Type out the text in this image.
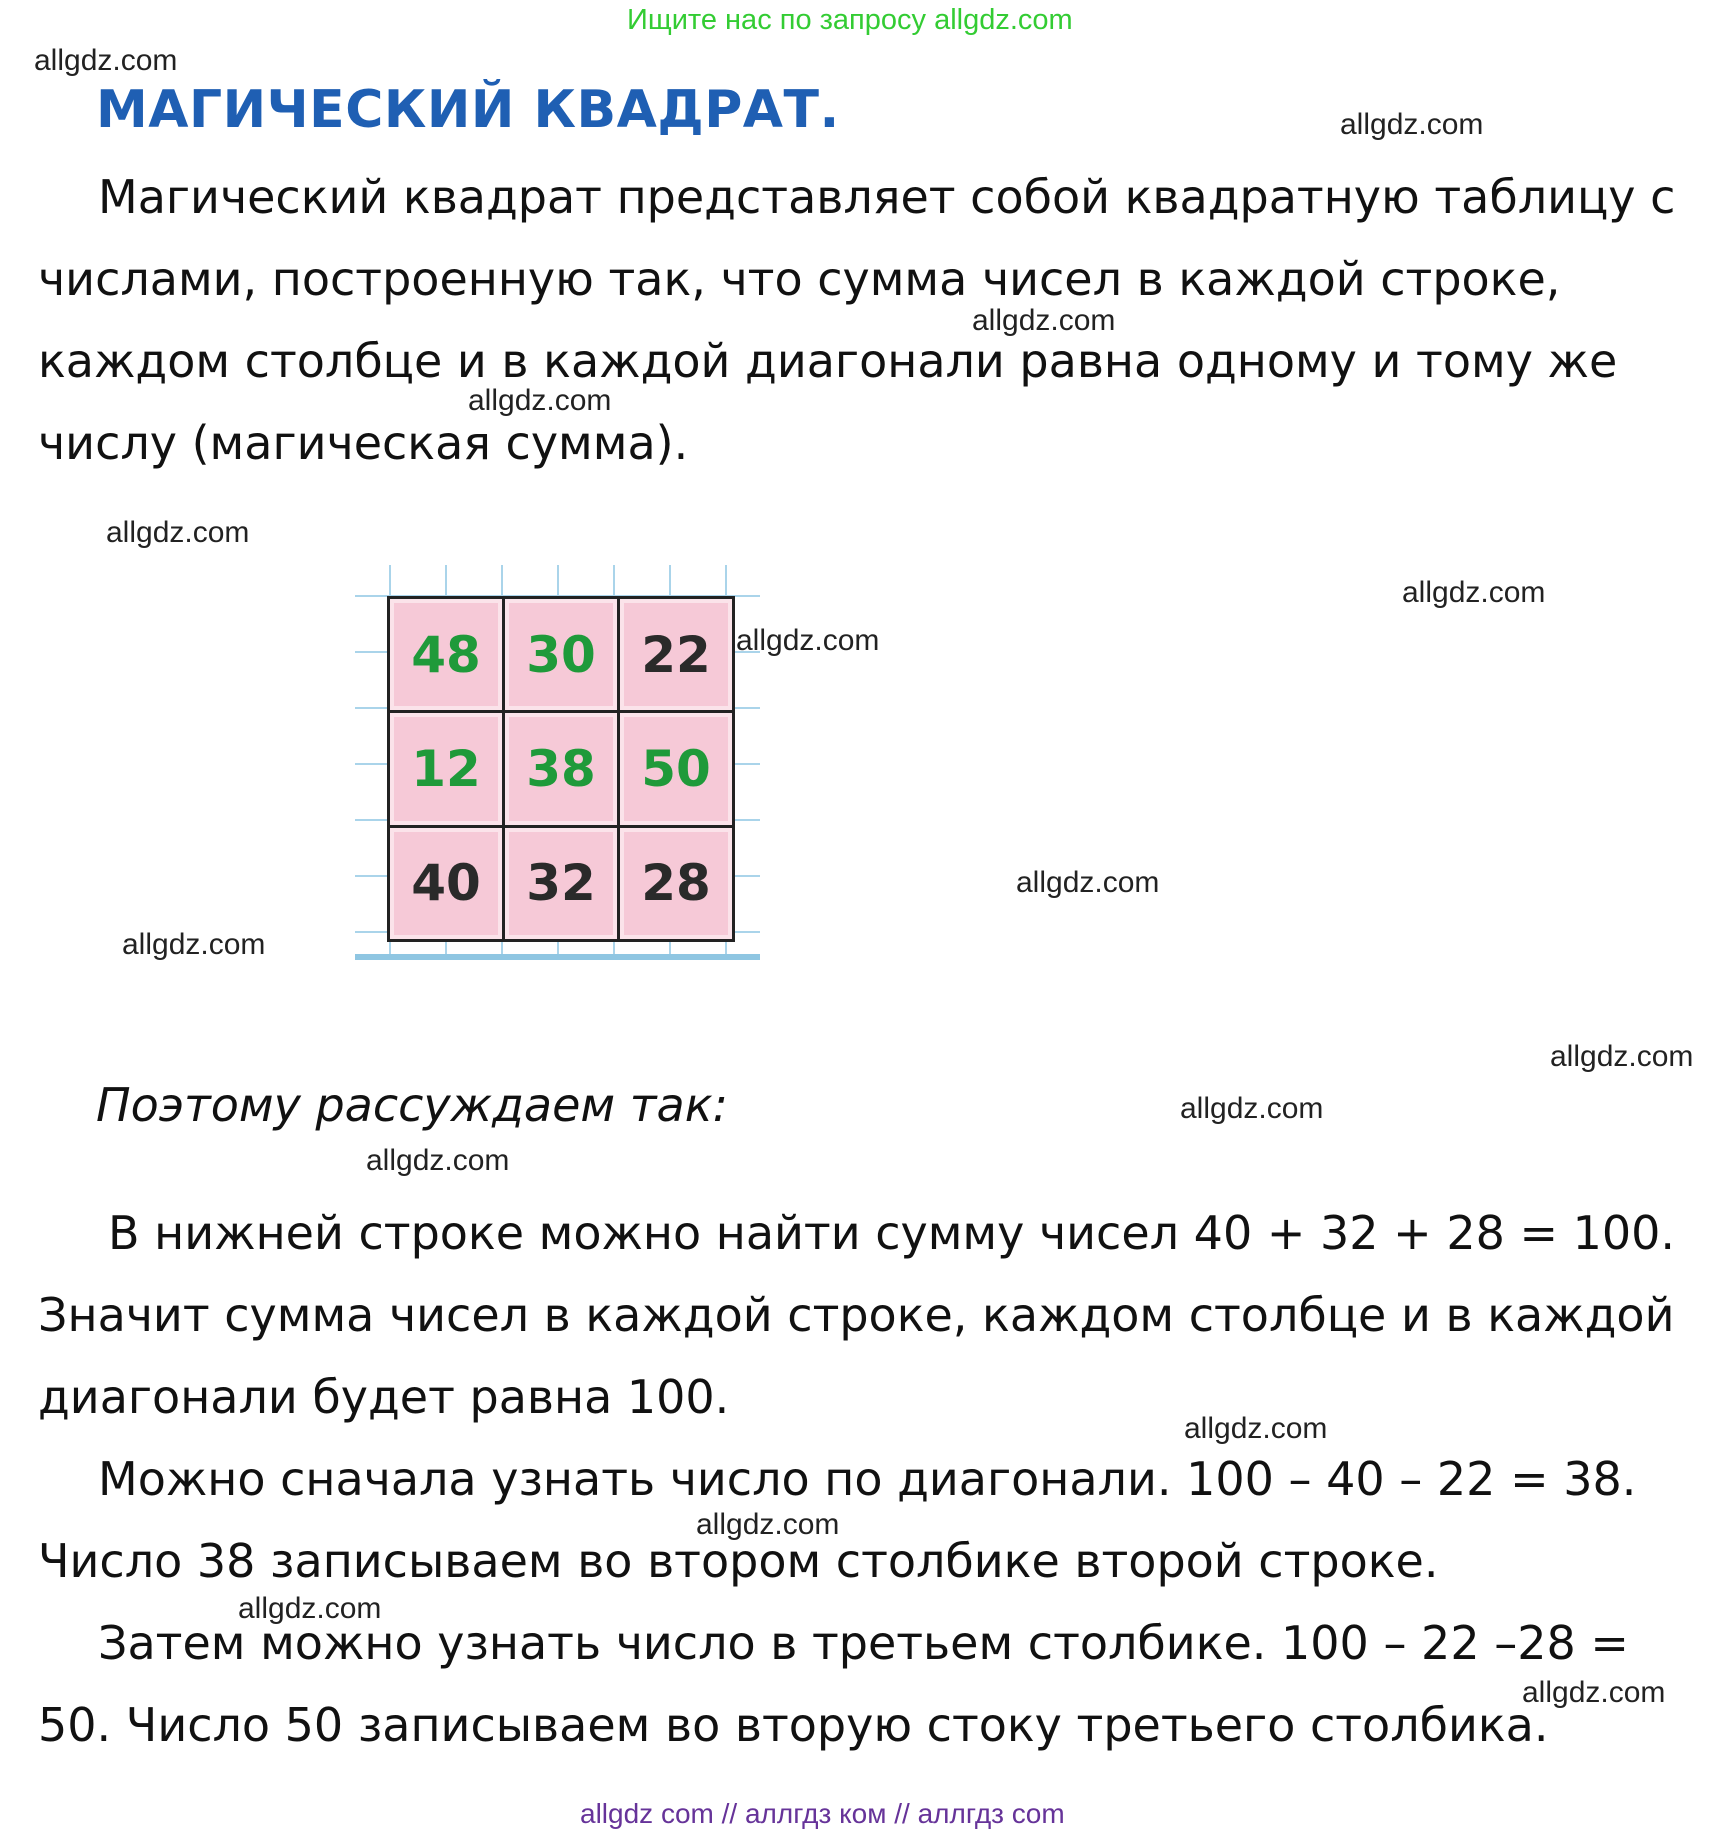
Ищите нас по запросу allgdz.com
МАГИЧЕСКИЙ КВАДРАТ.
Магический квадрат представляет собой квадратную таблицу с
числами, построенную так, что сумма чисел в каждой строке,
каждом столбце и в каждой диагонали равна одному и тому же
числу (магическая сумма).
48 30 22
12 38 50
40 32 28
Поэтому рассуждаем так:
В нижней строке можно найти сумму чисел 40 + 32 + 28 = 100.
Значит сумма чисел в каждой строке, каждом столбце и в каждой
диагонали будет равна 100.
Можно сначала узнать число по диагонали. 100 – 40 – 22 = 38.
Число 38 записываем во втором столбике второй строке.
Затем можно узнать число в третьем столбике. 100 – 22 –28 =
50. Число 50 записываем во вторую стоку третьего столбика.
allgdz.com
allgdz.com
allgdz.com
allgdz.com
allgdz.com
allgdz.com
allgdz.com
allgdz.com
allgdz.com
allgdz.com
allgdz.com
allgdz.com
allgdz.com
allgdz.com
allgdz.com
allgdz.com
allgdz com // аллгдз ком // аллгдз com
